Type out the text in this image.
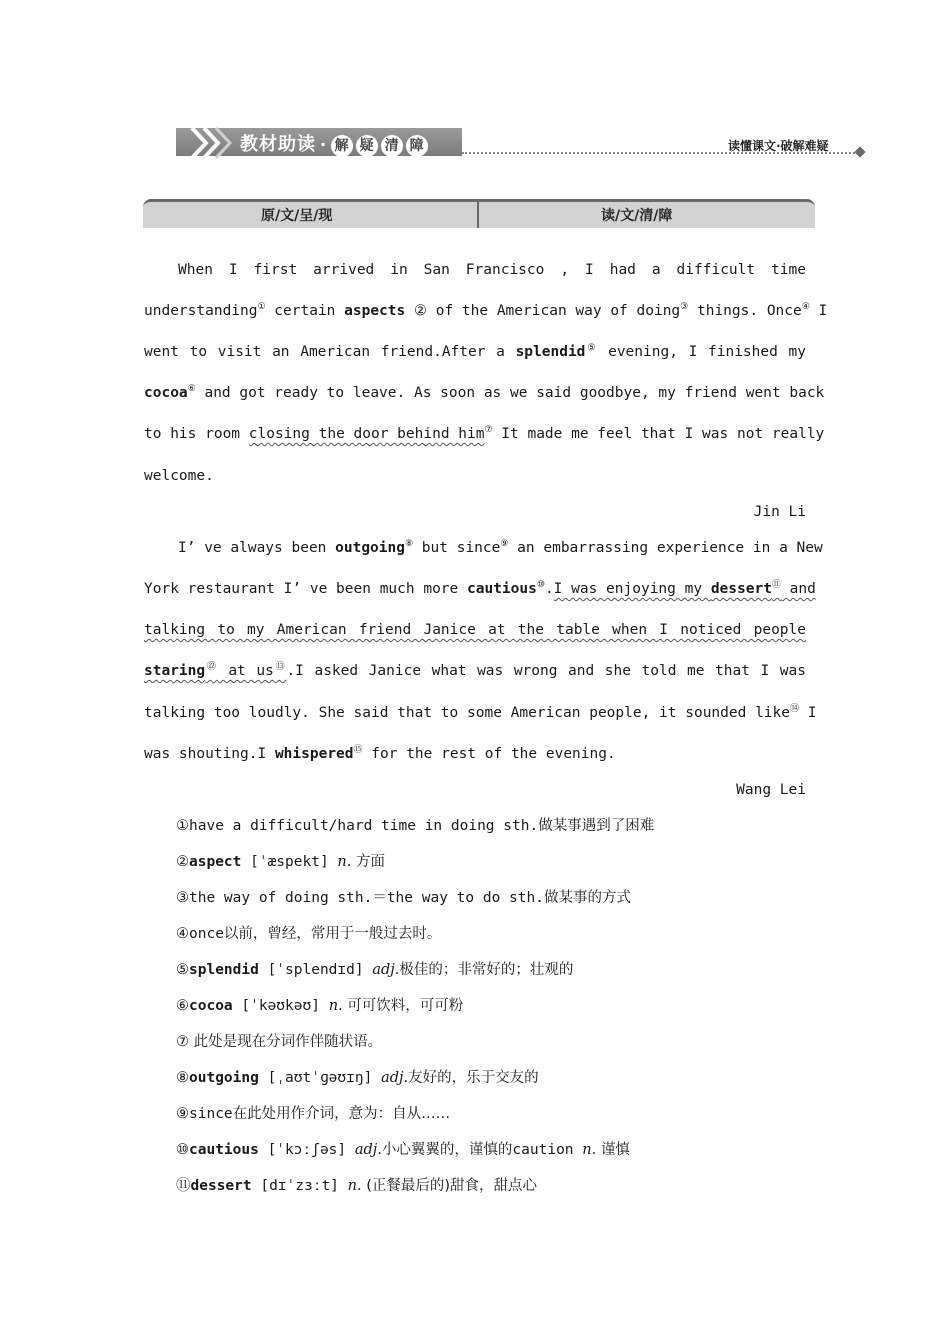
教材助读 · 解 疑 清 障	读懂课文·破解难疑
原/文/呈/现	读/文/清/障
When I first arrived in San Francisco , I had a difficult time
understanding① certain aspects ② of the American way of doing③ things. Once④ I
went to visit an American friend.After a splendid⑤ evening, I finished my
cocoa⑥ and got ready to leave. As soon as we said goodbye, my friend went back
to his room closing the door behind him⑦ It made me feel that I was not really
welcome.
Jin Li
I’ ve always been outgoing⑧ but since⑨ an embarrassing experience in a New
York restaurant I’ ve been much more cautious⑩.I was enjoying my dessert⑪ and
talking to my American friend Janice at the table when I noticed people
staring⑫ at us⑬.I asked Janice what was wrong and she told me that I was
talking too loudly. She said that to some American people, it sounded like⑭ I
was shouting.I whispered⑮ for the rest of the evening.
Wang Lei
①have a difficult/hard time in doing sth.做某事遇到了困难
②aspect [ˈæspekt] n. 方面
③the way of doing sth.＝the way to do sth.做某事的方式
④once以前，曾经，常用于一般过去时。
⑤splendid [ˈsplendɪd] adj.极佳的；非常好的；壮观的
⑥cocoa [ˈkəʊkəʊ] n. 可可饮料，可可粉
⑦ 此处是现在分词作伴随状语。
⑧outgoing [ˌaʊtˈɡəʊɪŋ] adj.友好的，乐于交友的
⑨since在此处用作介词，意为：自从……
⑩cautious [ˈkɔːʃəs] adj.小心翼翼的，谨慎的caution n. 谨慎
⑪dessert [dɪˈzɜːt] n. (正餐最后的)甜食，甜点心
